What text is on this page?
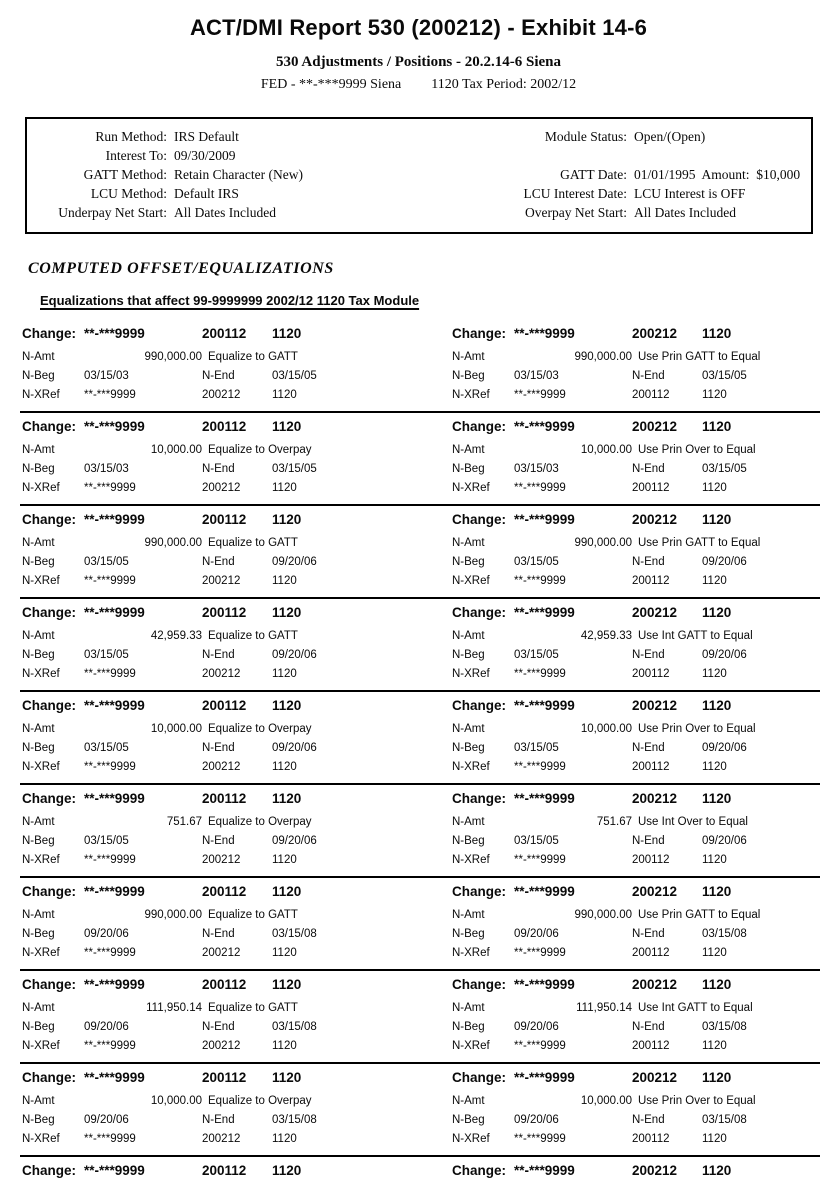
ACT/DMI Report 530 (200212) - Exhibit 14-6
530 Adjustments / Positions - 20.2.14-6 Siena
FED - **-***9999 Siena 1120 Tax Period: 2002/12
Run Method: IRS Default
Interest To: 09/30/2009
GATT Method: Retain Character (New)
LCU Method: Default IRS
Underpay Net Start: All Dates Included
Module Status: Open/(Open)
GATT Date: 01/01/1995  Amount:  $10,000
LCU Interest Date: LCU Interest is OFF
Overpay Net Start: All Dates Included
COMPUTED OFFSET/EQUALIZATIONS
Equalizations that affect 99-9999999 2002/12 1120 Tax Module
Change: **-***9999	200112	1120
N-Amt	990,000.00 Equalize to GATT
N-Beg	03/15/03	N-End	03/15/05
N-XRef	**-***9999	200212	1120
Change: **-***9999	200212	1120
N-Amt	990,000.00 Use Prin GATT to Equal
N-Beg	03/15/03	N-End	03/15/05
N-XRef	**-***9999	200112	1120
Change: **-***9999	200112	1120
N-Amt	10,000.00 Equalize to Overpay
N-Beg	03/15/03	N-End	03/15/05
N-XRef	**-***9999	200212	1120
Change: **-***9999	200212	1120
N-Amt	10,000.00 Use Prin Over to Equal
N-Beg	03/15/03	N-End	03/15/05
N-XRef	**-***9999	200112	1120
Change: **-***9999	200112	1120
N-Amt	990,000.00 Equalize to GATT
N-Beg	03/15/05	N-End	09/20/06
N-XRef	**-***9999	200212	1120
Change: **-***9999	200212	1120
N-Amt	990,000.00 Use Prin GATT to Equal
N-Beg	03/15/05	N-End	09/20/06
N-XRef	**-***9999	200112	1120
Change: **-***9999	200112	1120
N-Amt	42,959.33 Equalize to GATT
N-Beg	03/15/05	N-End	09/20/06
N-XRef	**-***9999	200212	1120
Change: **-***9999	200212	1120
N-Amt	42,959.33 Use Int GATT to Equal
N-Beg	03/15/05	N-End	09/20/06
N-XRef	**-***9999	200112	1120
Change: **-***9999	200112	1120
N-Amt	10,000.00 Equalize to Overpay
N-Beg	03/15/05	N-End	09/20/06
N-XRef	**-***9999	200212	1120
Change: **-***9999	200212	1120
N-Amt	10,000.00 Use Prin Over to Equal
N-Beg	03/15/05	N-End	09/20/06
N-XRef	**-***9999	200112	1120
Change: **-***9999	200112	1120
N-Amt	751.67 Equalize to Overpay
N-Beg	03/15/05	N-End	09/20/06
N-XRef	**-***9999	200212	1120
Change: **-***9999	200212	1120
N-Amt	751.67 Use Int Over to Equal
N-Beg	03/15/05	N-End	09/20/06
N-XRef	**-***9999	200112	1120
Change: **-***9999	200112	1120
N-Amt	990,000.00 Equalize to GATT
N-Beg	09/20/06	N-End	03/15/08
N-XRef	**-***9999	200212	1120
Change: **-***9999	200212	1120
N-Amt	990,000.00 Use Prin GATT to Equal
N-Beg	09/20/06	N-End	03/15/08
N-XRef	**-***9999	200112	1120
Change: **-***9999	200112	1120
N-Amt	111,950.14 Equalize to GATT
N-Beg	09/20/06	N-End	03/15/08
N-XRef	**-***9999	200212	1120
Change: **-***9999	200212	1120
N-Amt	111,950.14 Use Int GATT to Equal
N-Beg	09/20/06	N-End	03/15/08
N-XRef	**-***9999	200112	1120
Change: **-***9999	200112	1120
N-Amt	10,000.00 Equalize to Overpay
N-Beg	09/20/06	N-End	03/15/08
N-XRef	**-***9999	200212	1120
Change: **-***9999	200212	1120
N-Amt	10,000.00 Use Prin Over to Equal
N-Beg	09/20/06	N-End	03/15/08
N-XRef	**-***9999	200112	1120
Change: **-***9999	200112	1120	Change: **-***9999	200212	1120
